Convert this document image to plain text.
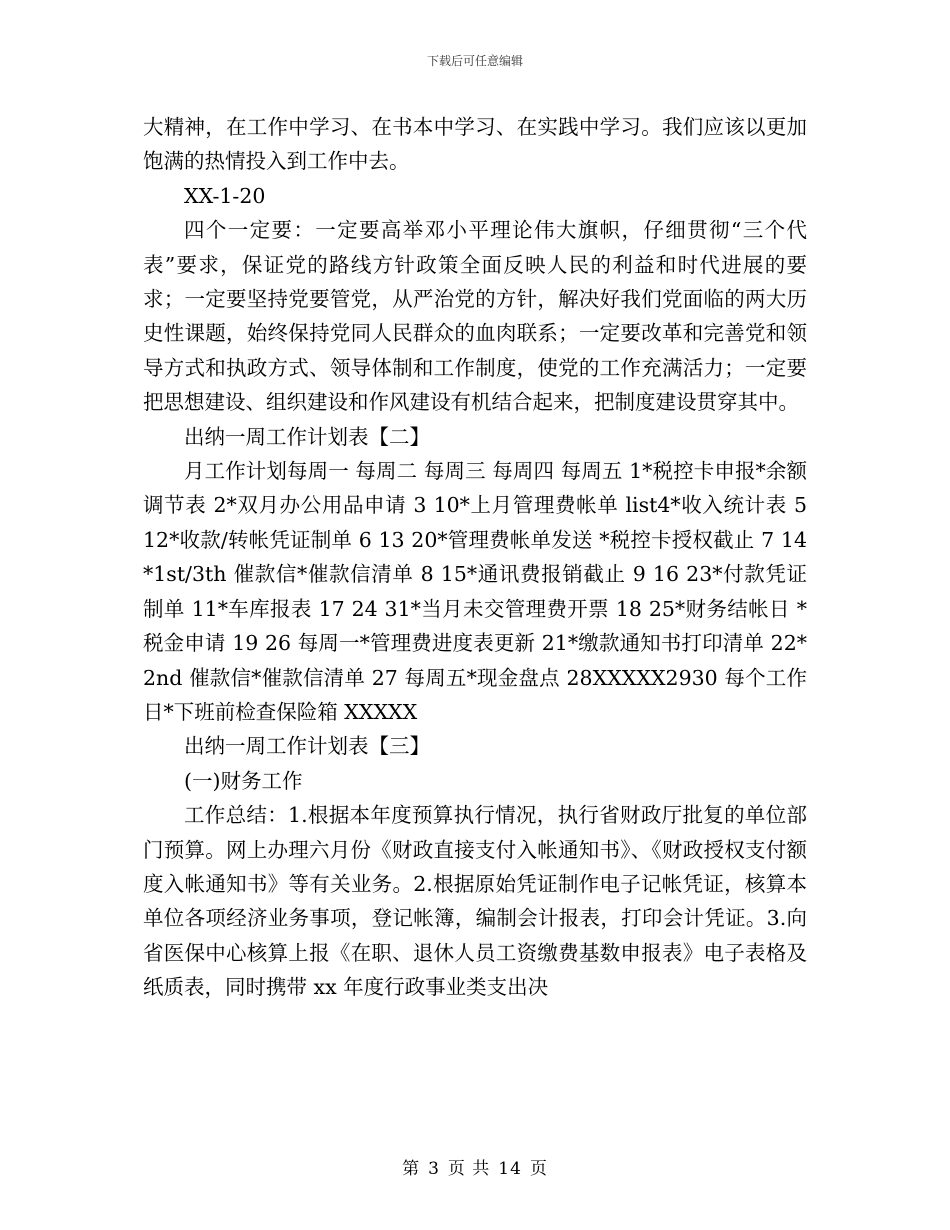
下载后可任意编辑

大精神，在工作中学习、在书本中学习、在实践中学习。我们应该以更加饱满的热情投入到工作中去。

XX-1-20

四个一定要：一定要高举邓小平理论伟大旗帜，仔细贯彻“三个代表”要求，保证党的路线方针政策全面反映人民的利益和时代进展的要求；一定要坚持党要管党，从严治党的方针，解决好我们党面临的两大历史性课题，始终保持党同人民群众的血肉联系；一定要改革和完善党和领导方式和执政方式、领导体制和工作制度，使党的工作充满活力；一定要把思想建设、组织建设和作风建设有机结合起来，把制度建设贯穿其中。

出纳一周工作计划表【二】

月工作计划每周一 每周二 每周三 每周四 每周五 1*税控卡申报*余额调节表 2*双月办公用品申请 3 10*上月管理费帐单 list4*收入统计表 5 12*收款/转帐凭证制单 6 13 20*管理费帐单发送 *税控卡授权截止 7 14*1st/3th 催款信*催款信清单 8 15*通讯费报销截止 9 16 23*付款凭证制单 11*车库报表 17 24 31*当月未交管理费开票 18 25*财务结帐日 *税金申请 19 26 每周一*管理费进度表更新 21*缴款通知书打印清单 22*2nd 催款信*催款信清单 27 每周五*现金盘点 28XXXXX2930 每个工作日*下班前检查保险箱 XXXXX

出纳一周工作计划表【三】

(一)财务工作

工作总结：1.根据本年度预算执行情况，执行省财政厅批复的单位部门预算。网上办理六月份《财政直接支付入帐通知书》、《财政授权支付额度入帐通知书》等有关业务。2.根据原始凭证制作电子记帐凭证，核算本单位各项经济业务事项，登记帐簿，编制会计报表，打印会计凭证。3.向省医保中心核算上报《在职、退休人员工资缴费基数申报表》电子表格及纸质表，同时携带 xx 年度行政事业类支出决

第 3 页 共 14 页
